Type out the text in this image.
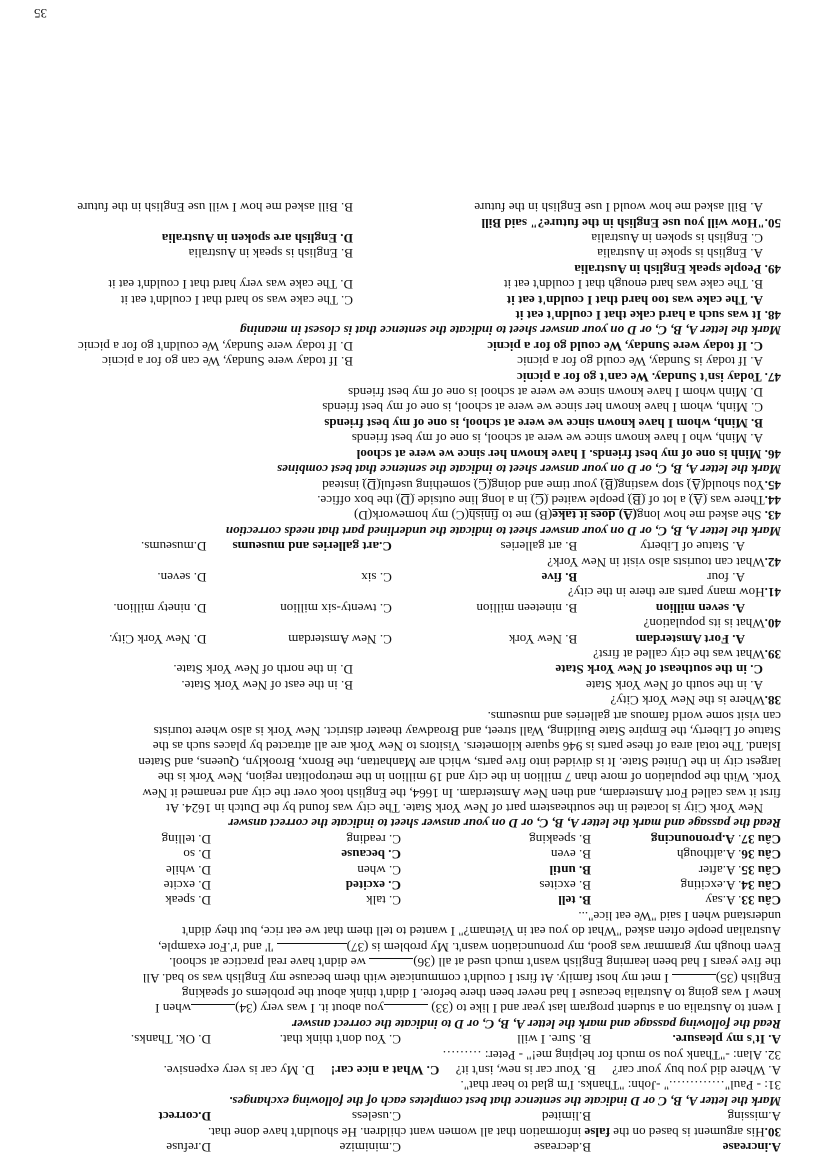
A.increase
B.decrease
C.minimize
D.refuse
30.His argument is based on the false information that all women want children. He shouldn't have done that.
A.missing
B.limited
C.useless
D.correct
Mark the letter A, B, C or D indicate the sentence that best completes each of the following exchanges.
31: - Paul"…………." -John: "Thanks. I'm glad to hear that".
A. Where did you buy your car?     B. Your car is new, isn't it?     C. What a nice car!     D. My car is very expensive.
32. Alan: -"Thank you so much for helping me!" - Peter: ………
A. It's my pleasure.
B. Sure. I will
C. You don't think that.
D. Ok. Thanks.
Read the following passage and mark the letter A, B, C, or D to indicate the correct answer
I went to Australia on a student program last year and I like to (33) you about it. I was very (34)when I
knew I was going to Australia because I had never been there before. I didn't think about the problems of speaking
English (35) I met my host family. At first I couldn't communicate with them because my English was so bad. All
the five years I had been learning English wasn't much used at all (36) we didn't have real practice at school.
Even though my grammar was good, my pronunciation wasn't. My problem is (37) 'l' and 'r'.For example,
Australian people often asked "What do you eat in Vietnam?" I wanted to tell them that we eat rice, but they didn't
understand when I said "We eat lice"...
Câu 33. A.say
B. tell
C. talk
D. speak
Câu 34. A.exciting
B. excites
C. excited
D. excite
Câu 35. A.after
B. until
C. when
D. while
Câu 36. A.although
B. even
C. because
D. so
Câu 37. A.pronouncing
B. speaking
C. reading
D. telling
Read the passage and mark the letter A, B, C, or D on your answer sheet to indicate the correct answer
New York City is located in the southeastern part of New York State. The city was found by the Dutch in 1624. At
first it was called Fort Amsterdam, and then New Amsterdam. In 1664, the English took over the city and renamed it New
York. With the population of more than 7 million in the city and 19 million in the metropolitan region, New York is the
largest city in the United State. It is divided into five parts, which are Manhattan, the Bronx, Brooklyn, Queens, and Staten
Island. The total area of these parts is 946 square kilometers. Visitors to New York are all attracted by places such as the
Statue of Liberty, the Empire State Building, Wall street, and Broadway theater district. New York is also where tourists
can visit some world famous art galleries and museums.
38.Where is the New York City?
A. in the south of New York State
B. in the east of New York State.
C. in the southeast of New York State
D. in the north of New York State.
39.What was the city called at first?
A. Fort Amsterdam
B. New York
C. New Amsterdam
D. New York City.
40.What is its population?
A. seven million
B. nineteen million
C. twenty-six million
D. ninety million.
41.How many parts are there in the city?
A. four
B. five
C. six
D. seven.
42.What can tourists also visit in New York?
A. Statue of Liberty
B. art galleries
C.art galleries and museums
D.museums.
Mark the letter A, B, C, or D on your answer sheet to indicate the underlined part that needs correction
43. She asked me how long(A) does it take(B) me to finish(C) my homework(D)
44.There was (A) a lot of (B) people waited (C) in a long line outside (D) the box office.
45.You should(A) stop wasting(B) your time and doing(C) something useful(D) instead
Mark the letter A, B, C, or D on your answer sheet to indicate the sentence that best combines
46. Minh is one of my best friends. I have known her since we were at school
A. Minh, who I have known since we were at school, is one of my best friends
B. Minh, whom I have known since we were at school, is one of my best friends
C. Minh, whom I have known her since we were at school, is one of my best friends
D. Minh whom I have known since we were at school is one of my best friends
47. Today isn't Sunday. We can't go for a picnic
A. If today is Sunday, We could go for a picnic
B. If today were Sunday, We can go for a picnic
C. If today were Sunday, We could go for a picnic
D. If today were Sunday, We couldn't go for a picnic
Mark the letter A, B, C, or D on your answer sheet to indicate the sentence that is closest in meaning
48. It was such a hard cake that I couldn't eat it
A. The cake was too hard that I couldn't eat it
C. The cake was so hard that I couldn't eat it
B. The cake was hard enough that I couldn't eat it
D. The cake was very hard that I couldn't eat it
49. People speak English in Australia
A. English is spoke in Australia
B. English is speak in Australia
C. English is spoken in Australia
D. English are spoken in Australia
50."How will you use English in the future?" said Bill
A. Bill asked me how would I use English in the future
B. Bill asked me how I will use English in the future
35
